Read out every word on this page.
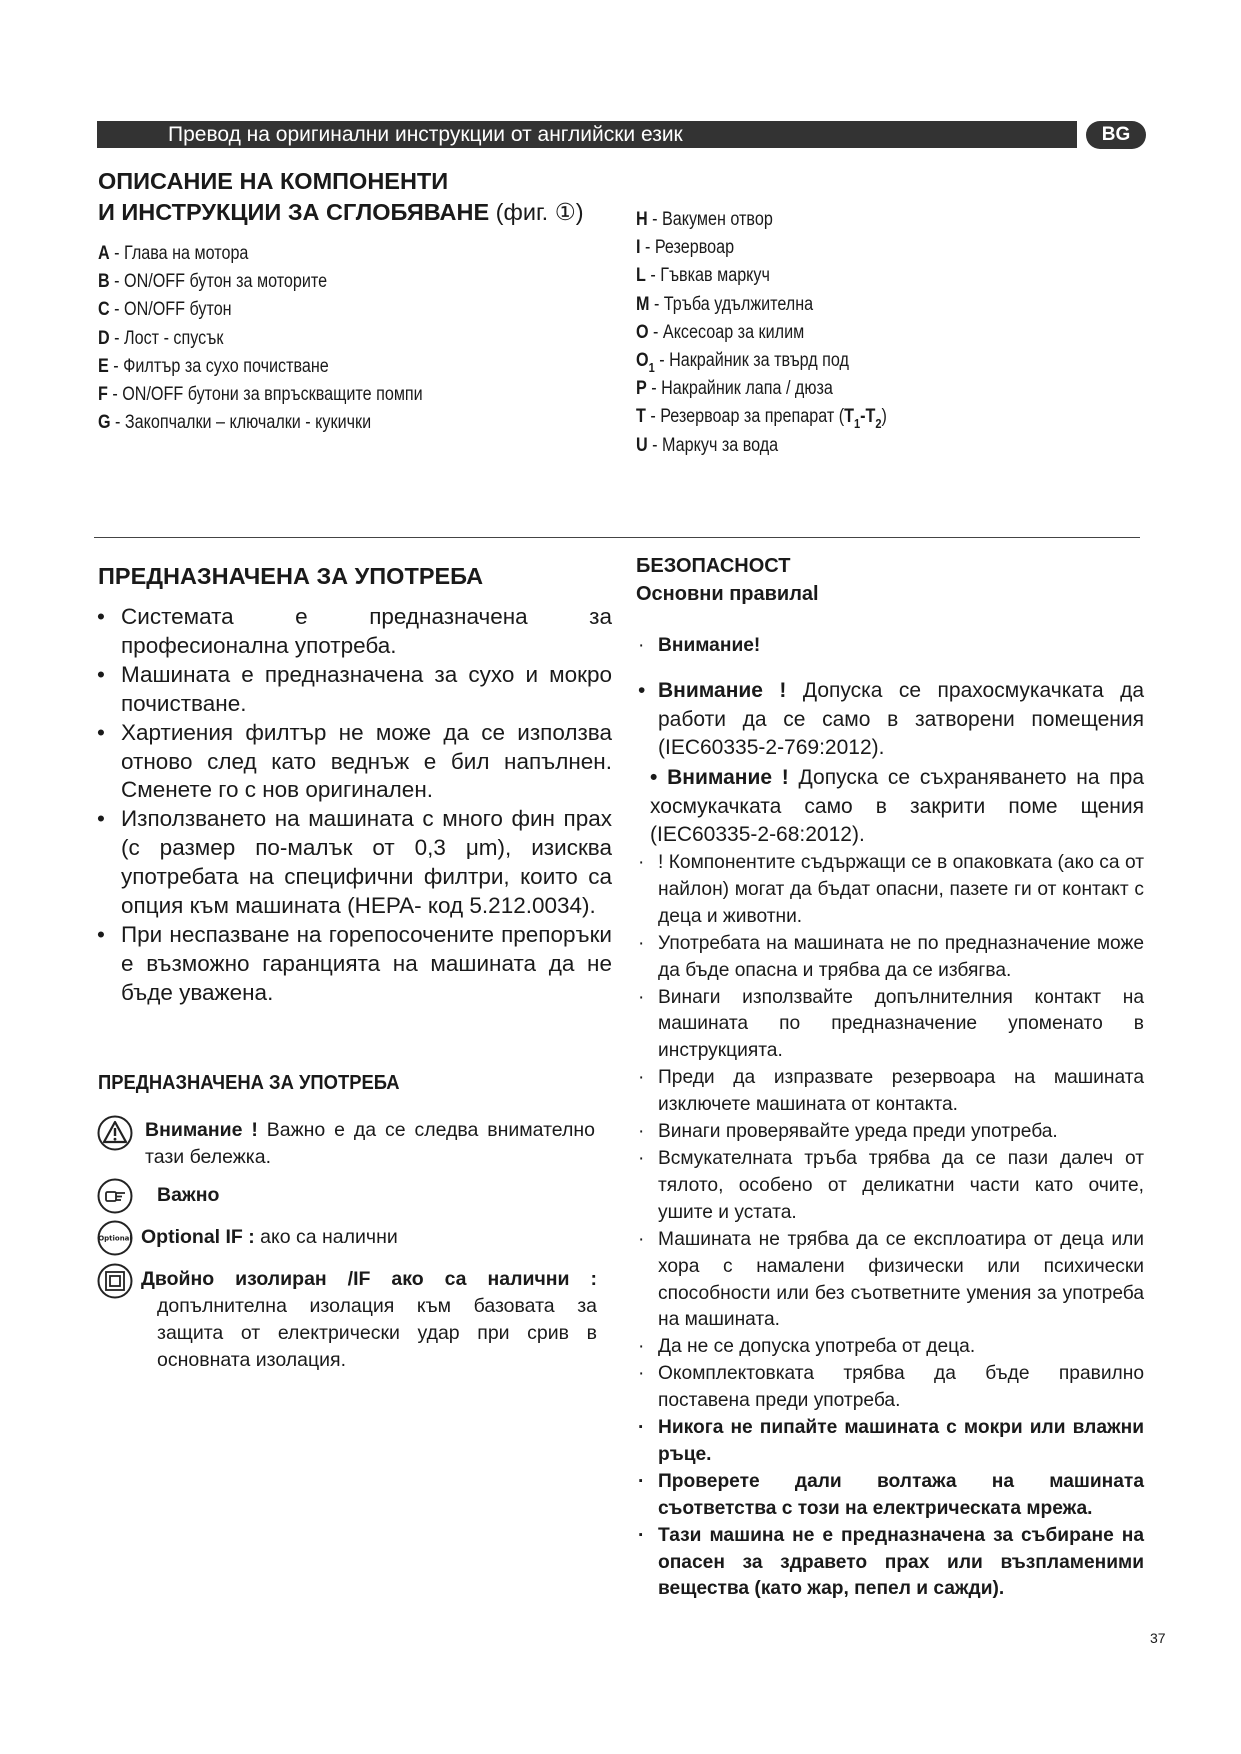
Превод на оригинални инструкции от английски език	BG
ОПИСАНИЕ НА КОМПОНЕНТИ
И ИНСТРУКЦИИ ЗА СГЛОБЯВАНЕ (фиг. ①)
A - Глава на мотора
B - ON/OFF бутон за моторите
C - ON/OFF бутон
D - Лост - спусък
E - Филтър за сухо почистване
F - ON/OFF бутони за впръскващите помпи
G - Закопчалки – ключалки - кукички
H - Вакумен отвор
I - Резервоар
L - Гъвкав маркуч
M - Тръба удължителна
O - Аксесоар за килим
$O_1$ - Накрайник за твърд под
P - Накрайник лапа / дюза
T - Резервоар за препарат $(T_1-T_2)$
U - Маркуч за вода
ПРЕДНАЗНАЧЕНА ЗА УПОТРЕБА
• Системата е предназначена за професионална употреба.
• Машината е предназначена за сухо и мокро почистване.
• Хартиения филтър не може да се използва отново след като веднъж е бил напълнен. Сменете го с нов оригинален.
• Използването на машината с много фин прах (с размер по-малък от 0,3 μm), изисква употребата на специфични филтри, които са опция към машината (HEPA- код 5.212.0034).
• При неспазване на горепосочените препоръки е възможно гаранцията на машината да не бъде уважена.
ПРЕДНАЗНАЧЕНА ЗА УПОТРЕБА
Внимание ! Важно е да се следва внимателно тази бележка.
Важно
Optional Optional IF : ако са налични
Двойно изолиран /IF ако са налични :
допълнителна изолация към базовата за защита от електрически удар при срив в основната изолация.
БЕЗОПАСНОСТ
Основни правилаl
· Внимание!
• Внимание ! Допуска се прахосмукачката да работи да се само в затворени помещения (IEC60335-2-769:2012).
• Внимание ! Допуска се съхраняването на пра хосмукачката само в закрити поме щения (IEC60335-2-68:2012).
· ! Компонентите съдържащи се в опаковката (ако са от найлон) могат да бъдат опасни, пазете ги от контакт с деца и животни.
· Употребата на машината не по предназначение може да бъде опасна и трябва да се избягва.
· Винаги използвайте допълнителния контакт на машината по предназначение упоменато в инструкцията.
· Преди да изпразвате резервоара на машината изключете машината от контакта.
· Винаги проверявайте уреда преди употреба.
· Всмукателната тръба трябва да се пази далеч от тялото, особено от деликатни части като очите, ушите и устата.
· Машината не трябва да се експлоатира от деца или хора с намалени физически или психически способности или без съответните умения за употреба на машината.
· Да не се допуска употреба от деца.
· Окомплектовката трябва да бъде правилно поставена преди употреба.
· Никога не пипайте машината с мокри или влажни ръце.
· Проверете дали волтажа на машината съответства с този на електрическата мрежа.
· Тази машина не е предназначена за събиране на опасен за здравето прах или възпламеними вещества (като жар, пепел и сажди).
37
